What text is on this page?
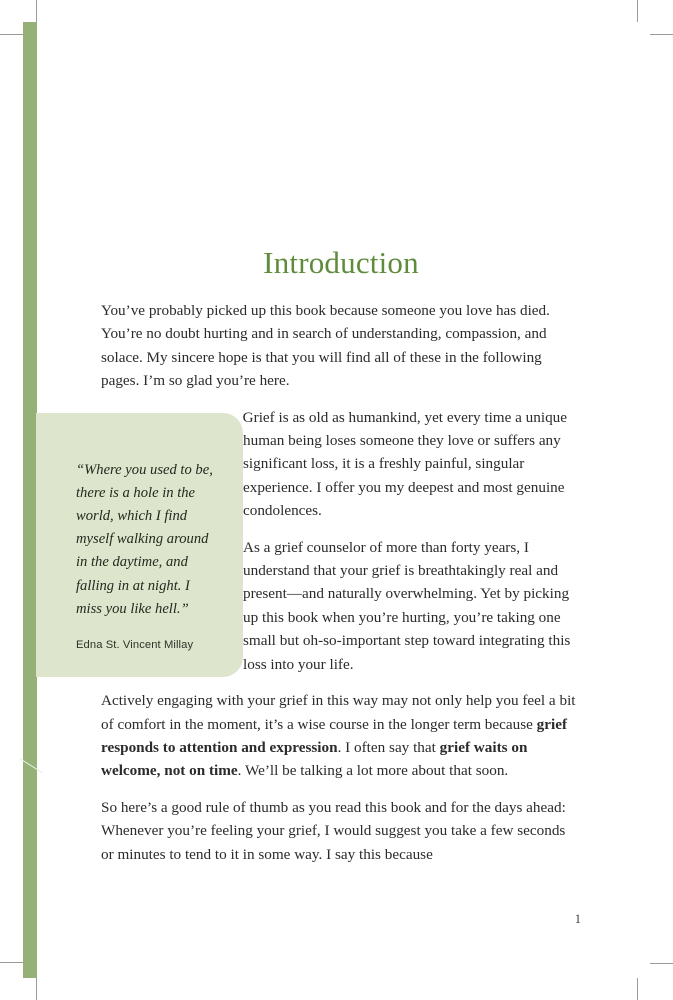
Introduction

You’ve probably picked up this book because someone you love has died. You’re no doubt hurting and in search of understanding, compassion, and solace. My sincere hope is that you will find all of these in the following pages. I’m so glad you’re here.

“Where you used to be, there is a hole in the world, which I find myself walking around in the daytime, and falling in at night. I miss you like hell.”

Edna St. Vincent Millay

Grief is as old as humankind, yet every time a unique human being loses someone they love or suffers any significant loss, it is a freshly painful, singular experience. I offer you my deepest and most genuine condolences.

As a grief counselor of more than forty years, I understand that your grief is breathtakingly real and present—and naturally overwhelming. Yet by picking up this book when you’re hurting, you’re taking one small but oh-so-important step toward integrating this loss into your life.

Actively engaging with your grief in this way may not only help you feel a bit of comfort in the moment, it’s a wise course in the longer term because grief responds to attention and expression. I often say that grief waits on welcome, not on time. We’ll be talking a lot more about that soon.

So here’s a good rule of thumb as you read this book and for the days ahead: Whenever you’re feeling your grief, I would suggest you take a few seconds or minutes to tend to it in some way. I say this because

1
